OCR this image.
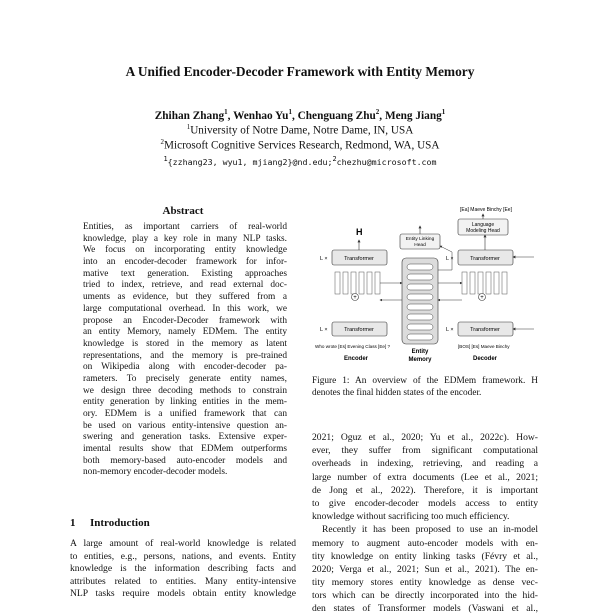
A Unified Encoder-Decoder Framework with Entity Memory
Zhihan Zhang$^1$, Wenhao Yu$^1$, Chenguang Zhu$^2$, Meng Jiang$^1$
$^1$University of Notre Dame, Notre Dame, IN, USA
$^2$Microsoft Cognitive Services Research, Redmond, WA, USA
$^1${zzhang23, wyu1, mjiang2}@nd.edu;$^2$chezhu@microsoft.com
Abstract
Entities, as important carriers of real-world
knowledge, play a key role in many NLP tasks.
We focus on incorporating entity knowledge
into an encoder-decoder framework for infor-
mative text generation. Existing approaches
tried to index, retrieve, and read external doc-
uments as evidence, but they suffered from a
large computational overhead. In this work, we
propose an Encoder-Decoder framework with
an entity Memory, namely EDMem. The entity
knowledge is stored in the memory as latent
representations, and the memory is pre-trained
on Wikipedia along with encoder-decoder pa-
rameters. To precisely generate entity names,
we design three decoding methods to constrain
entity generation by linking entities in the mem-
ory. EDMem is a unified framework that can
be used on various entity-intensive question an-
swering and generation tasks. Extensive exper-
imental results show that EDMem outperforms
both memory-based auto-encoder models and
non-memory encoder-decoder models.
1 Introduction
A large amount of real-world knowledge is related
to entities, e.g., persons, nations, and events. Entity
knowledge is the information describing facts and
attributes related to entities. Many entity-intensive
NLP tasks require models obtain entity knowledge
[Ea] Maeve Binchy [Ee]
Language
Modeling Head
Entity Linking
Head
L ×	Transformer
H
+
L ×	Transformer
Who wrote [Es] Evening Class [Ee] ?
Encoder
Entity
Memory
L ×	Transformer
+
L ×	Transformer
[BOS] [Es] Maeve Binchy
Decoder
Figure 1: An overview of the EDMem framework. H
denotes the final hidden states of the encoder.
2021; Oguz et al., 2020; Yu et al., 2022c). How-
ever, they suffer from significant computational
overheads in indexing, retrieving, and reading a
large number of extra documents (Lee et al., 2021;
de Jong et al., 2022). Therefore, it is important
to give encoder-decoder models access to entity
knowledge without sacrificing too much efficiency.
Recently it has been proposed to use an in-model
memory to augment auto-encoder models with en-
tity knowledge on entity linking tasks (Févry et al.,
2020; Verga et al., 2021; Sun et al., 2021). The en-
tity memory stores entity knowledge as dense vec-
tors which can be directly incorporated into the hid-
den states of Transformer models (Vaswani et al.,
